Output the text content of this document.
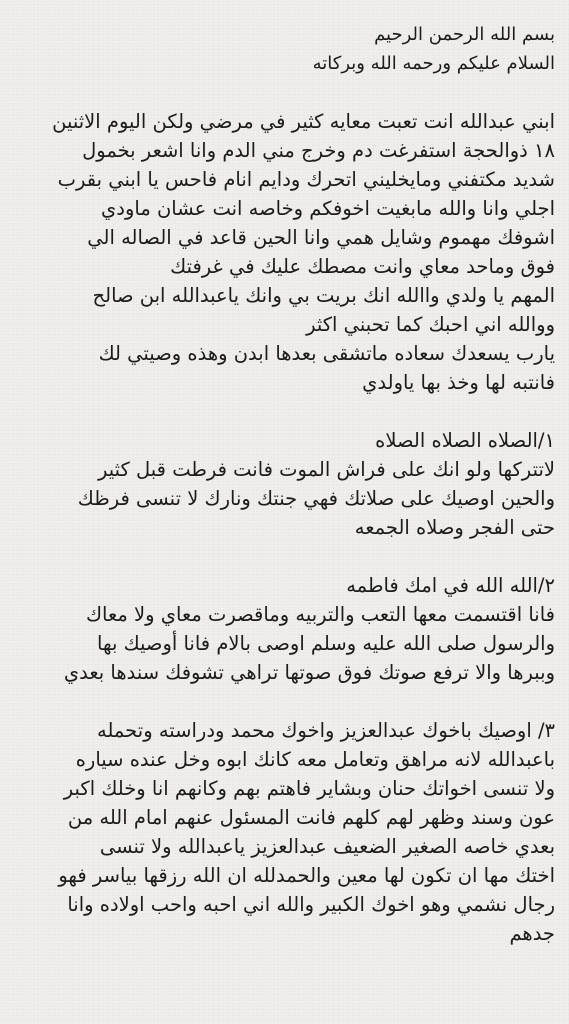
بسم الله الرحمن الرحيم
السلام عليكم ورحمه الله وبركاته
ابني عبدالله انت تعبت معايه كثير في مرضي ولكن اليوم الاثنين
١٨ ذوالحجة استفرغت دم وخرج مني الدم وانا اشعر بخمول
شديد مكتفني ومايخليني اتحرك ودايم انام فاحس يا ابني بقرب
اجلي وانا والله مابغيت اخوفكم وخاصه انت عشان ماودي
اشوفك مهموم وشايل همي وانا الحين قاعد في الصاله الي
فوق وماحد معاي وانت مصطك عليك في غرفتك
المهم يا ولدي واالله انك بريت بي وانك ياعبدالله ابن صالح
ووالله اني احبك كما تحبني اكثر
يارب يسعدك سعاده ماتشقى بعدها ابدن وهذه وصيتي لك
فانتبه لها وخذ بها ياولدي
١/الصلاه الصلاه الصلاه
لاتتركها ولو انك على فراش الموت فانت فرطت قبل كثير
والحين اوصيك على صلاتك فهي جنتك ونارك لا تنسى فرظك
حتى الفجر وصلاه الجمعه
٢/الله الله في امك فاطمه
فانا اقتسمت معها التعب والتربيه وماقصرت معاي ولا معاك
والرسول صلى الله عليه وسلم اوصى بالام فانا أوصيك بها
وببرها والا ترفع صوتك فوق صوتها تراهي تشوفك سندها بعدي
٣/ اوصيك باخوك عبدالعزيز واخوك محمد ودراسته وتحمله
باعبدالله لانه مراهق وتعامل معه كانك ابوه وخل عنده سياره
ولا تنسى اخواتك حنان وبشاير فاهتم بهم وكانهم انا وخلك اكبر
عون وسند وظهر لهم كلهم فانت المسئول عنهم امام الله من
بعدي خاصه الصغير الضعيف عبدالعزيز ياعبدالله ولا تنسى
اختك مها ان تكون لها معين والحمدلله ان الله رزقها بياسر فهو
رجال نشمي وهو اخوك الكبير والله اني احبه واحب اولاده وانا
جدهم
